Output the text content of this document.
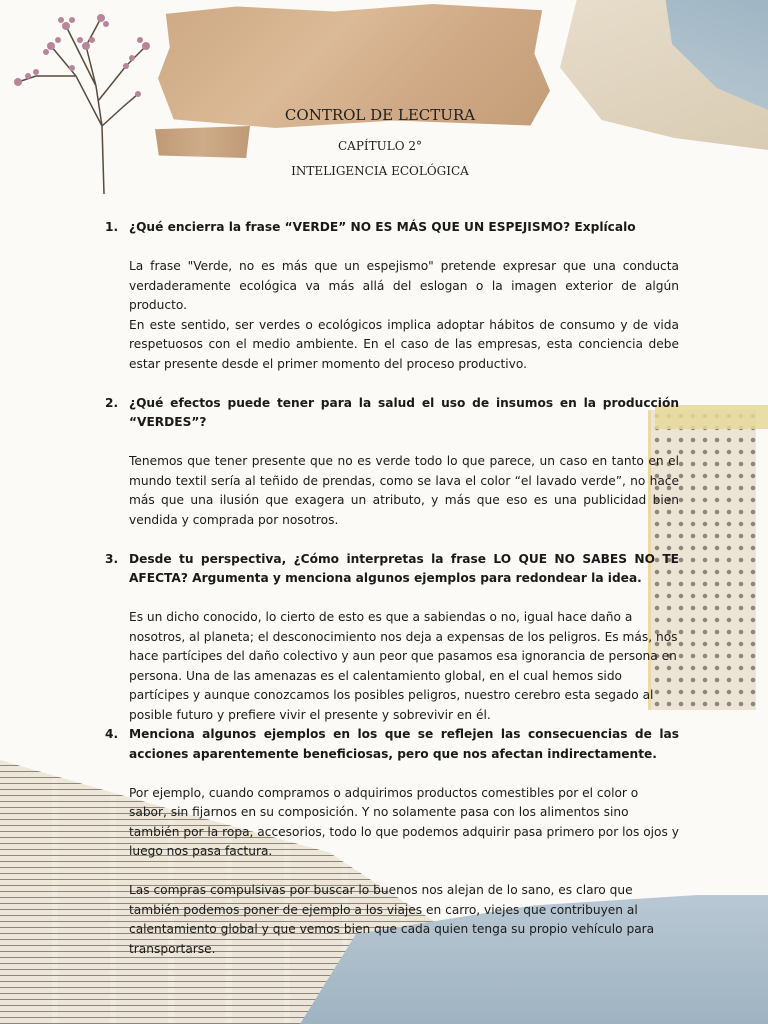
CONTROL DE LECTURA
CAPÍTULO 2°
INTELIGENCIA ECOLÓGICA
1. ¿Qué encierra la frase “VERDE” NO ES MÁS QUE UN ESPEJISMO? Explícalo
La frase "Verde, no es más que un espejismo" pretende expresar que una conducta verdaderamente ecológica va más allá del eslogan o la imagen exterior de algún producto.
En este sentido, ser verdes o ecológicos implica adoptar hábitos de consumo y de vida respetuosos con el medio ambiente. En el caso de las empresas, esta conciencia debe estar presente desde el primer momento del proceso productivo.
2. ¿Qué efectos puede tener para la salud el uso de insumos en la producción “VERDES”?
Tenemos que tener presente que no es verde todo lo que parece, un caso en tanto en el mundo textil sería al teñido de prendas, como se lava el color “el lavado verde”, no hace más que una ilusión que exagera un atributo, y más que eso es una publicidad bien vendida y comprada por nosotros.
3. Desde tu perspectiva, ¿Cómo interpretas la frase LO QUE NO SABES NO TE AFECTA? Argumenta y menciona algunos ejemplos para redondear la idea.
Es un dicho conocido, lo cierto de esto es que a sabiendas o no, igual hace daño a nosotros, al planeta; el desconocimiento nos deja a expensas de los peligros. Es más, nos hace partícipes del daño colectivo y aun peor que pasamos esa ignorancia de persona en persona. Una de las amenazas es el calentamiento global, en el cual hemos sido partícipes y aunque conozcamos los posibles peligros, nuestro cerebro esta segado al posible futuro y prefiere vivir el presente y sobrevivir en él.
4. Menciona algunos ejemplos en los que se reflejen las consecuencias de las acciones aparentemente beneficiosas, pero que nos afectan indirectamente.
Por ejemplo, cuando compramos o adquirimos productos comestibles por el color o sabor, sin fijarnos en su composición. Y no solamente pasa con los alimentos sino también por la ropa, accesorios, todo lo que podemos adquirir pasa primero por los ojos y luego nos pasa factura.
Las compras compulsivas por buscar lo buenos nos alejan de lo sano, es claro que también podemos poner de ejemplo a los viajes en carro, viejes que contribuyen al calentamiento global y que vemos bien que cada quien tenga su propio vehículo para transportarse.
